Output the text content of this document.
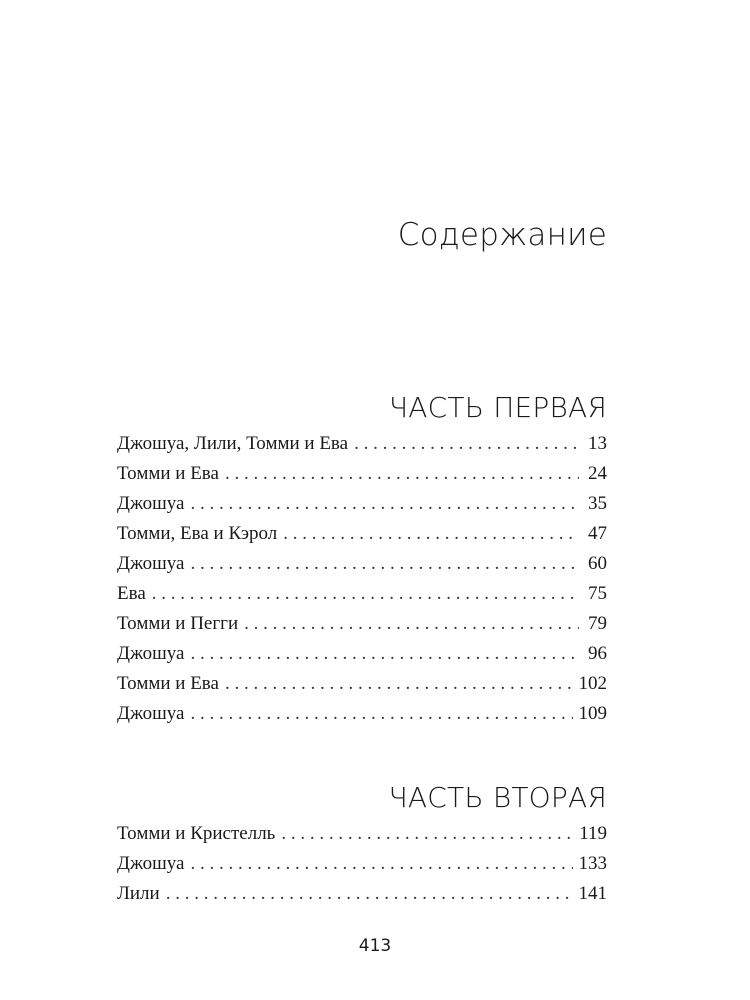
Содержание
ЧАСТЬ ПЕРВАЯ
Джошуа, Лили, Томми и Ева . . .	13
Томми и Ева . . .	24
Джошуа . . .	35
Томми, Ева и Кэрол . . .	47
Джошуа . . .	60
Ева . . .	75
Томми и Пегги . . .	79
Джошуа . . .	96
Томми и Ева . . .	102
Джошуа . . .	109
ЧАСТЬ ВТОРАЯ
Томми и Кристелль . . .	119
Джошуа . . .	133
Лили . . .	141
413
